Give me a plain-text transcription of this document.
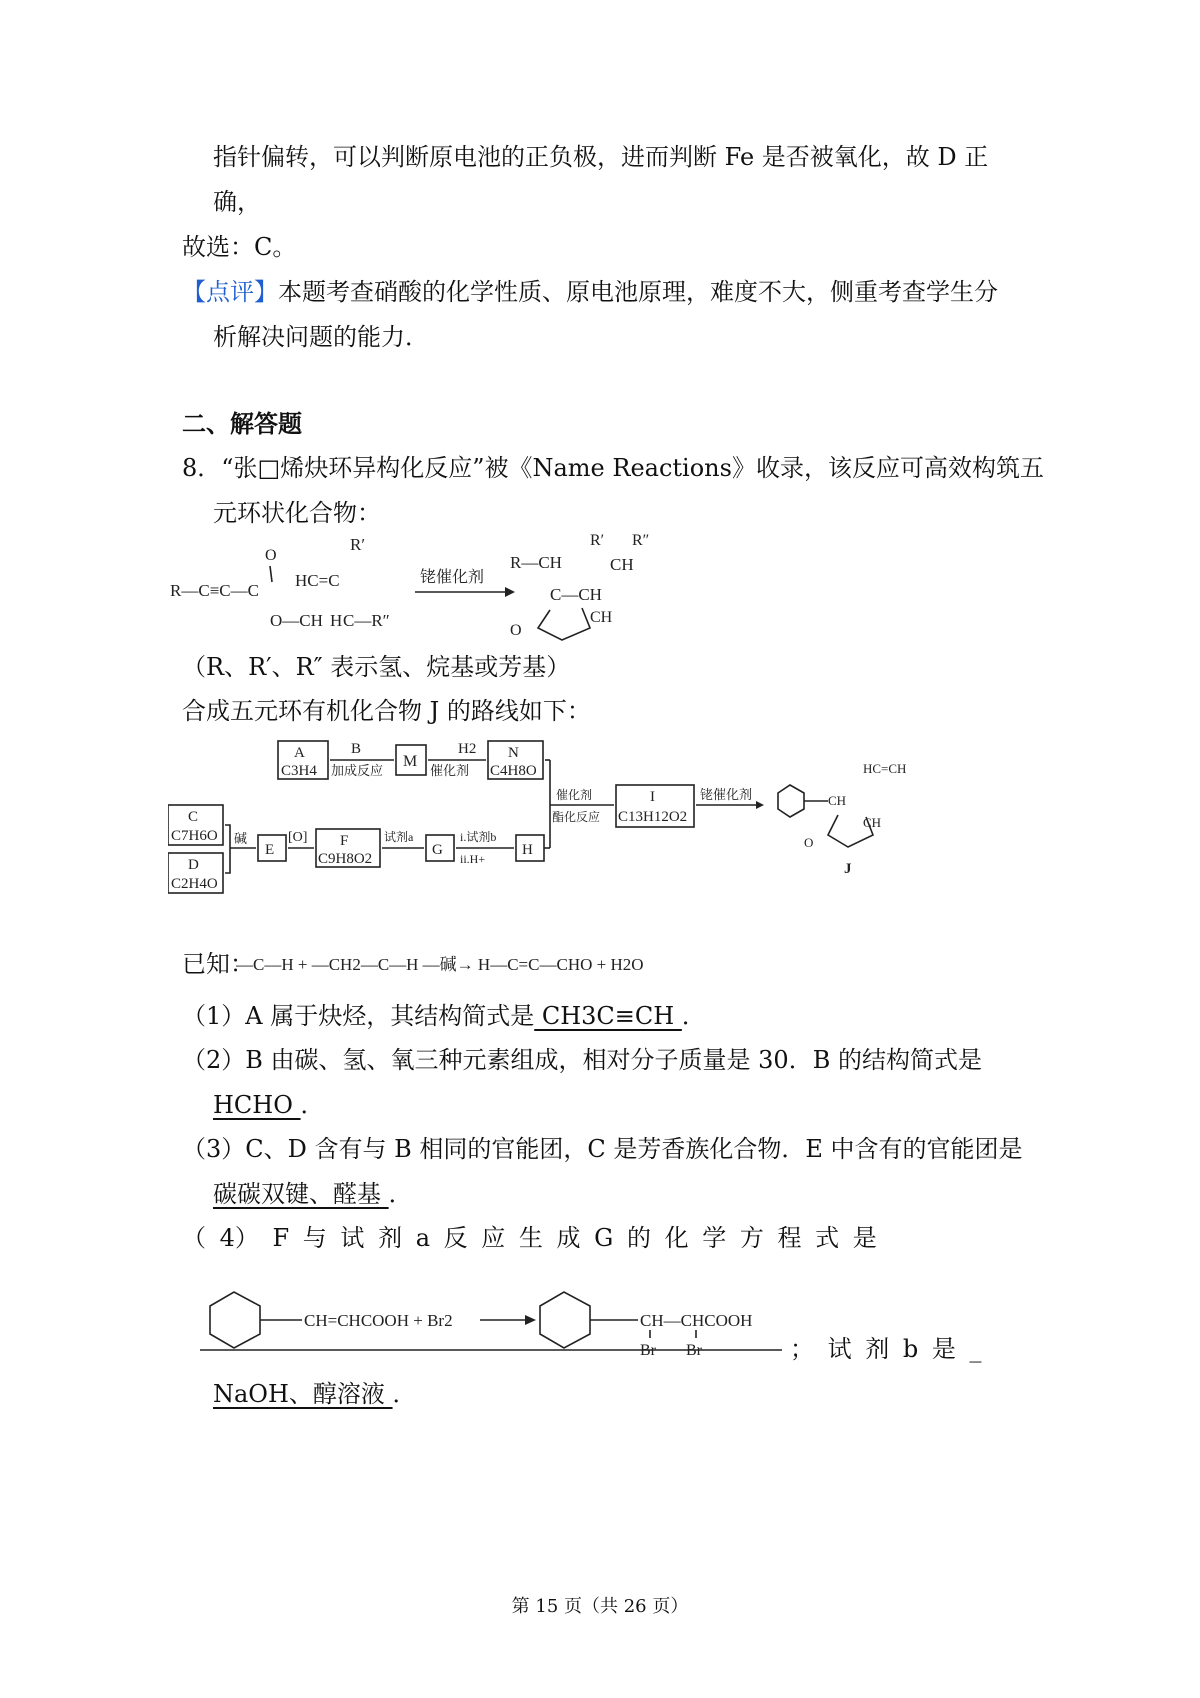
指针偏转，可以判断原电池的正负极，进而判断 Fe 是否被氧化，故 D 正
确，
故选：C。
【点评】本题考查硝酸的化学性质、原电池原理，难度不大，侧重考查学生分
析解决问题的能力．
二、解答题
8．“张□烯炔环异构化反应”被《Name Reactions》收录，该反应可高效构筑五
元环状化合物：
R—C≡C—C
O
O—CH
HC=C
R′
H C—R″
铑催化剂
R—CH
C—CH
R′
CH
R″
O
CH
（R、R′、R″ 表示氢、烷基或芳基）
合成五元环有机化合物 J 的路线如下：
A
C3H4
B
加成反应
M
H2
催化剂
N
C4H8O
C
C7H6O
D
C2H4O
碱
E
[O] F
C9H8O2
试剂a
G
i.试剂b
ii.H+
H
催化剂
酯化反应
I
C13H12O2
铑催化剂	CH
HC=CH
CH
O
J
已知：
—C—H + —CH2—C—H —碱→ H—C=C—CHO + H2O
（1）A 属于炔烃，其结构简式是 CH3C≡CH ．
（2）B 由碳、氢、氧三种元素组成，相对分子质量是 30．B 的结构简式是
HCHO ．
（3）C、D 含有与 B 相同的官能团，C 是芳香族化合物．E 中含有的官能团是
碳碳双键、醛基 ．
（ 4） F 与 试 剂 a 反 应 生 成 G 的 化 学 方 程 式 是
CH=CHCOOH + Br2	CH—CHCOOH
Br Br	； 试 剂 b 是 _
NaOH、醇溶液 ．
第 15 页（共 26 页）
